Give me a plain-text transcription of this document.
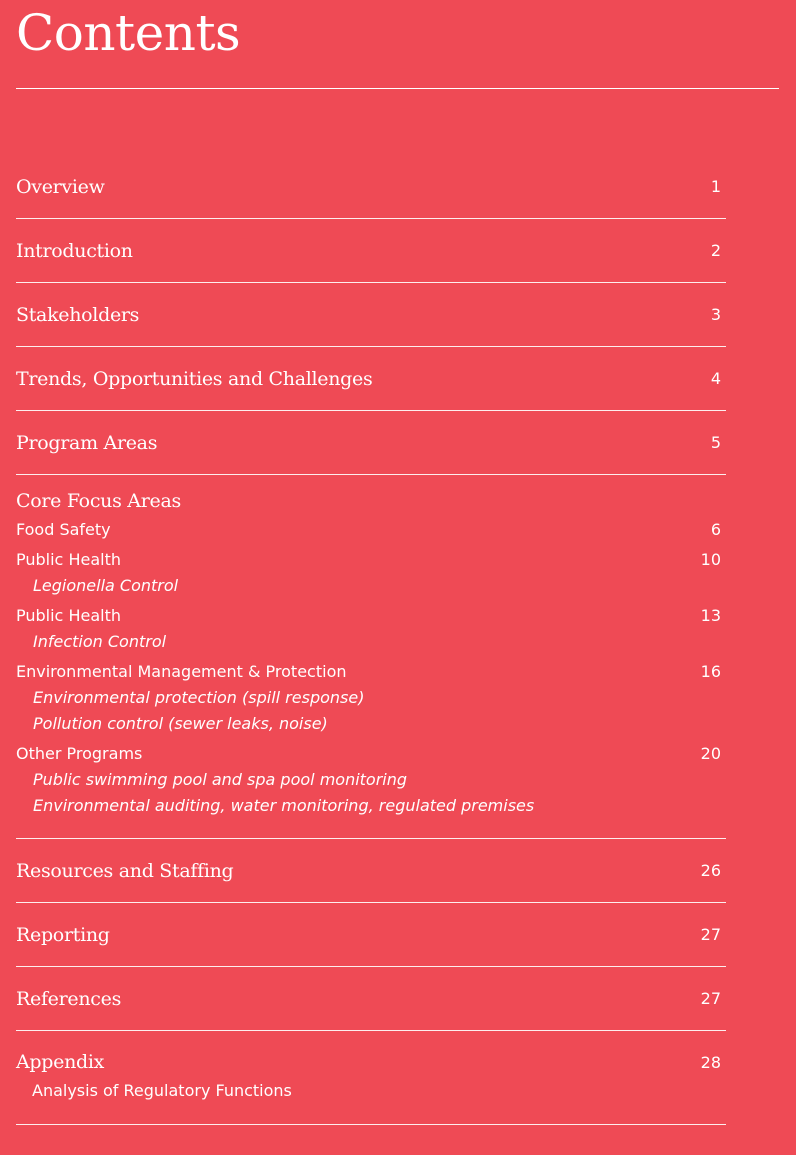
Contents
Overview	1
Introduction	2
Stakeholders	3
Trends, Opportunities and Challenges	4
Program Areas	5
Core Focus Areas
Food Safety	6
Public Health	10
Legionella Control
Public Health	13
Infection Control
Environmental Management & Protection	16
Environmental protection (spill response)
Pollution control (sewer leaks, noise)
Other Programs	20
Public swimming pool and spa pool monitoring
Environmental auditing, water monitoring, regulated premises
Resources and Staffing	26
Reporting	27
References	27
Appendix	28
Analysis of Regulatory Functions
